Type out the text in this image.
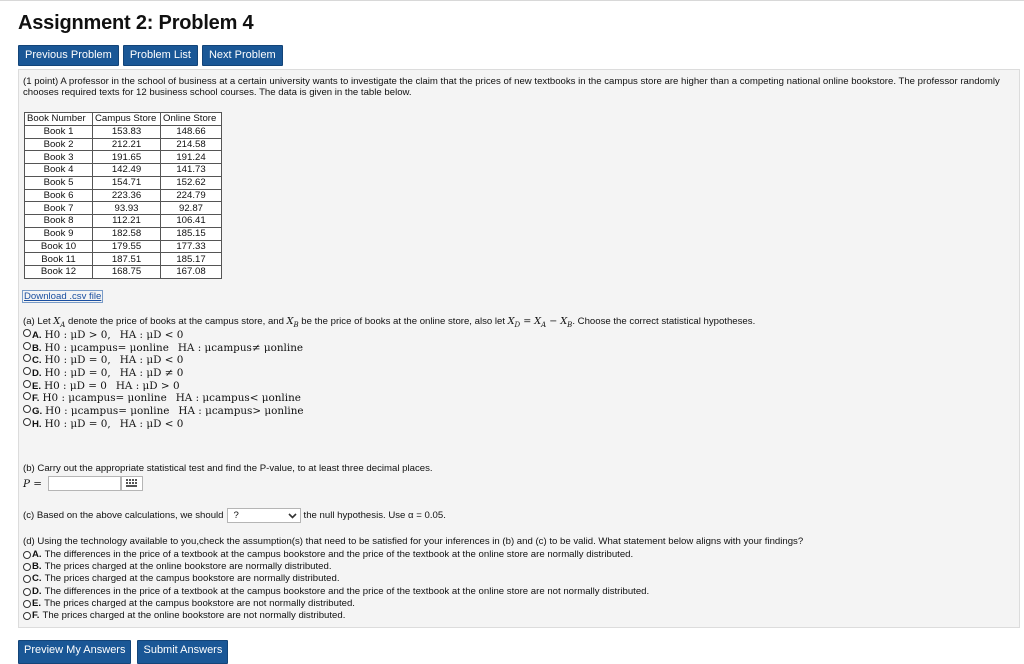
Assignment 2: Problem 4
Previous Problem	Problem List	Next Problem
(1 point) A professor in the school of business at a certain university wants to investigate the claim that the prices of new textbooks in the campus store are higher than a competing national online bookstore. The professor randomly chooses required texts for 12 business school courses. The data is given in the table below.
Book Number	Campus Store	Online Store
Book 1	153.83	148.66
Book 2	212.21	214.58
Book 3	191.65	191.24
Book 4	142.49	141.73
Book 5	154.71	152.62
Book 6	223.36	224.79
Book 7	93.93	92.87
Book 8	112.21	106.41
Book 9	182.58	185.15
Book 10	179.55	177.33
Book 11	187.51	185.17
Book 12	168.75	167.08
Download .csv file
(a) Let $X_A$ denote the price of books at the campus store, and $X_B$ be the price of books at the online store, also let $X_D = X_A - X_B$. Choose the correct statistical hypotheses.
A. H0 : μD > 0, HA : μD < 0
B. H0 : μcampus= μonline HA : μcampus≠ μonline
C. H0 : μD = 0, HA : μD < 0
D. H0 : μD = 0, HA : μD ≠ 0
E. H0 : μD = 0 HA : μD > 0
F. H0 : μcampus= μonline HA : μcampus< μonline
G. H0 : μcampus= μonline HA : μcampus> μonline
H. H0 : μD = 0, HA : μD < 0
(b) Carry out the appropriate statistical test and find the P-value, to at least three decimal places.
P =
(c) Based on the above calculations, we should ?	the null hypothesis. Use α = 0.05.
(d) Using the technology available to you,check the assumption(s) that need to be satisfied for your inferences in (b) and (c) to be valid. What statement below aligns with your findings?
A. The differences in the price of a textbook at the campus bookstore and the price of the textbook at the online store are normally distributed.
B. The prices charged at the online bookstore are normally distributed.
C. The prices charged at the campus bookstore are normally distributed.
D. The differences in the price of a textbook at the campus bookstore and the price of the textbook at the online store are not normally distributed.
E. The prices charged at the campus bookstore are not normally distributed.
F. The prices charged at the online bookstore are not normally distributed.
Preview My Answers	Submit Answers
